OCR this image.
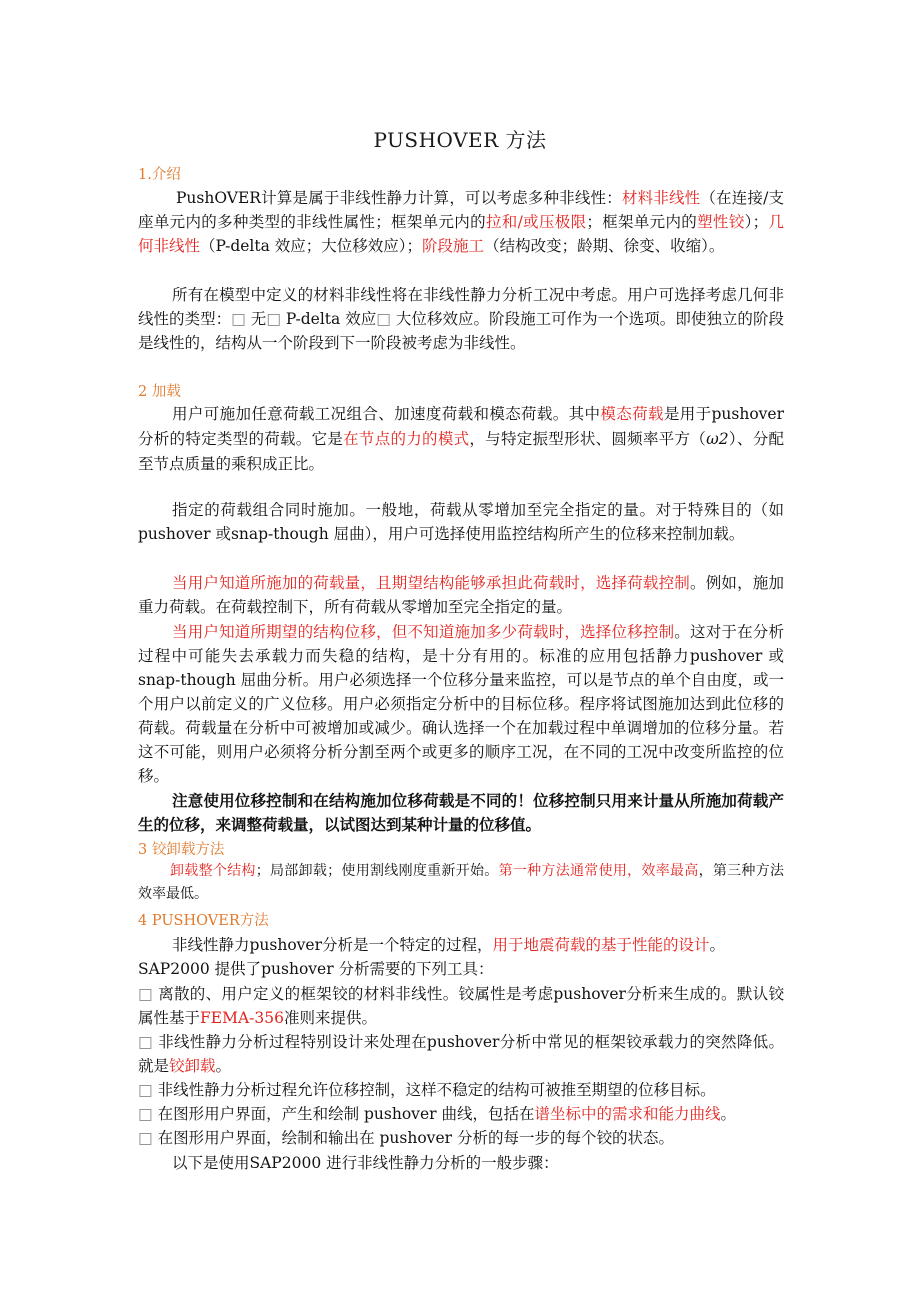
PUSHOVER 方法
1.介绍
PushOVER计算是属于非线性静力计算，可以考虑多种非线性：材料非线性（在连接/支座单元内的多种类型的非线性属性；框架单元内的拉和/或压极限；框架单元内的塑性铰）；几何非线性（P-delta 效应；大位移效应）；阶段施工（结构改变；龄期、徐变、收缩）。
所有在模型中定义的材料非线性将在非线性静力分析工况中考虑。用户可选择考虑几何非线性的类型：□ 无□ P-delta 效应□ 大位移效应。阶段施工可作为一个选项。即使独立的阶段是线性的，结构从一个阶段到下一阶段被考虑为非线性。
2 加载
用户可施加任意荷载工况组合、加速度荷载和模态荷载。其中模态荷载是用于pushover分析的特定类型的荷载。它是在节点的力的模式，与特定振型形状、圆频率平方（ω2）、分配至节点质量的乘积成正比。
指定的荷载组合同时施加。一般地，荷载从零增加至完全指定的量。对于特殊目的（如pushover 或snap-though 屈曲），用户可选择使用监控结构所产生的位移来控制加载。
当用户知道所施加的荷载量，且期望结构能够承担此荷载时，选择荷载控制。例如，施加重力荷载。在荷载控制下，所有荷载从零增加至完全指定的量。
当用户知道所期望的结构位移，但不知道施加多少荷载时，选择位移控制。这对于在分析过程中可能失去承载力而失稳的结构，是十分有用的。标准的应用包括静力pushover 或 snap-though 屈曲分析。用户必须选择一个位移分量来监控，可以是节点的单个自由度，或一个用户以前定义的广义位移。用户必须指定分析中的目标位移。程序将试图施加达到此位移的荷载。荷载量在分析中可被增加或减少。确认选择一个在加载过程中单调增加的位移分量。若这不可能，则用户必须将分析分割至两个或更多的顺序工况，在不同的工况中改变所监控的位移。
注意使用位移控制和在结构施加位移荷载是不同的！位移控制只用来计量从所施加荷载产生的位移，来调整荷载量，以试图达到某种计量的位移值。
3 铰卸载方法
卸载整个结构；局部卸载；使用割线刚度重新开始。第一种方法通常使用，效率最高，第三种方法效率最低。
4 PUSHOVER方法
非线性静力pushover分析是一个特定的过程，用于地震荷载的基于性能的设计。
SAP2000 提供了pushover 分析需要的下列工具：
□ 离散的、用户定义的框架铰的材料非线性。铰属性是考虑pushover分析来生成的。默认铰属性基于FEMA-356准则来提供。
□ 非线性静力分析过程特别设计来处理在pushover分析中常见的框架铰承载力的突然降低。就是铰卸载。
□ 非线性静力分析过程允许位移控制，这样不稳定的结构可被推至期望的位移目标。
□ 在图形用户界面，产生和绘制 pushover 曲线，包括在谱坐标中的需求和能力曲线。
□ 在图形用户界面，绘制和输出在 pushover 分析的每一步的每个铰的状态。
以下是使用SAP2000 进行非线性静力分析的一般步骤：
